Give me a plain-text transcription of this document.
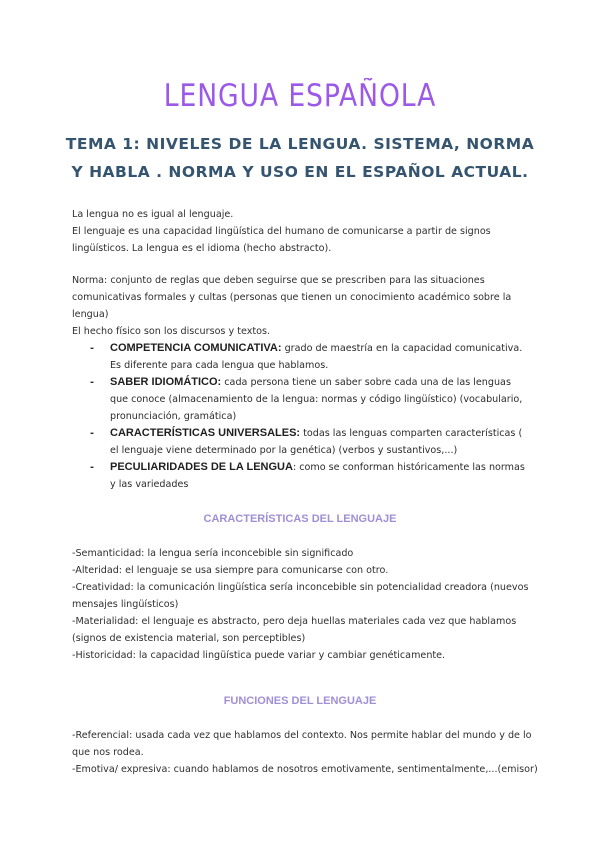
LENGUA ESPAÑOLA
TEMA 1: NIVELES DE LA LENGUA. SISTEMA, NORMA Y HABLA . NORMA Y USO EN EL ESPAÑOL ACTUAL.

La lengua no es igual al lenguaje.

El lenguaje es una capacidad lingüística del humano de comunicarse a partir de signos lingüísticos. La lengua es el idioma (hecho abstracto).

Norma: conjunto de reglas que deben seguirse que se prescriben para las situaciones comunicativas formales y cultas (personas que tienen un conocimiento académico sobre la lengua)

El hecho físico son los discursos y textos.

- COMPETENCIA COMUNICATIVA: grado de maestría en la capacidad comunicativa. Es diferente para cada lengua que hablamos.
- SABER IDIOMÁTICO: cada persona tiene un saber sobre cada una de las lenguas que conoce (almacenamiento de la lengua: normas y código lingüístico) (vocabulario, pronunciación, gramática)
- CARACTERÍSTICAS UNIVERSALES: todas las lenguas comparten características ( el lenguaje viene determinado por la genética) (verbos y sustantivos,...)
- PECULIARIDADES DE LA LENGUA: como se conforman históricamente las normas y las variedades
CARACTERÍSTICAS DEL LENGUAJE

-Semanticidad: la lengua sería inconcebible sin significado

-Alteridad: el lenguaje se usa siempre para comunicarse con otro.

-Creatividad: la comunicación lingüística sería inconcebible sin potencialidad creadora (nuevos mensajes lingüísticos)

-Materialidad: el lenguaje es abstracto, pero deja huellas materiales cada vez que hablamos (signos de existencia material, son perceptibles)

-Historicidad: la capacidad lingüística puede variar y cambiar genéticamente.

FUNCIONES DEL LENGUAJE

-Referencial: usada cada vez que hablamos del contexto. Nos permite hablar del mundo y de lo que nos rodea.

-Emotiva/ expresiva: cuando hablamos de nosotros emotivamente, sentimentalmente,...(emisor)
